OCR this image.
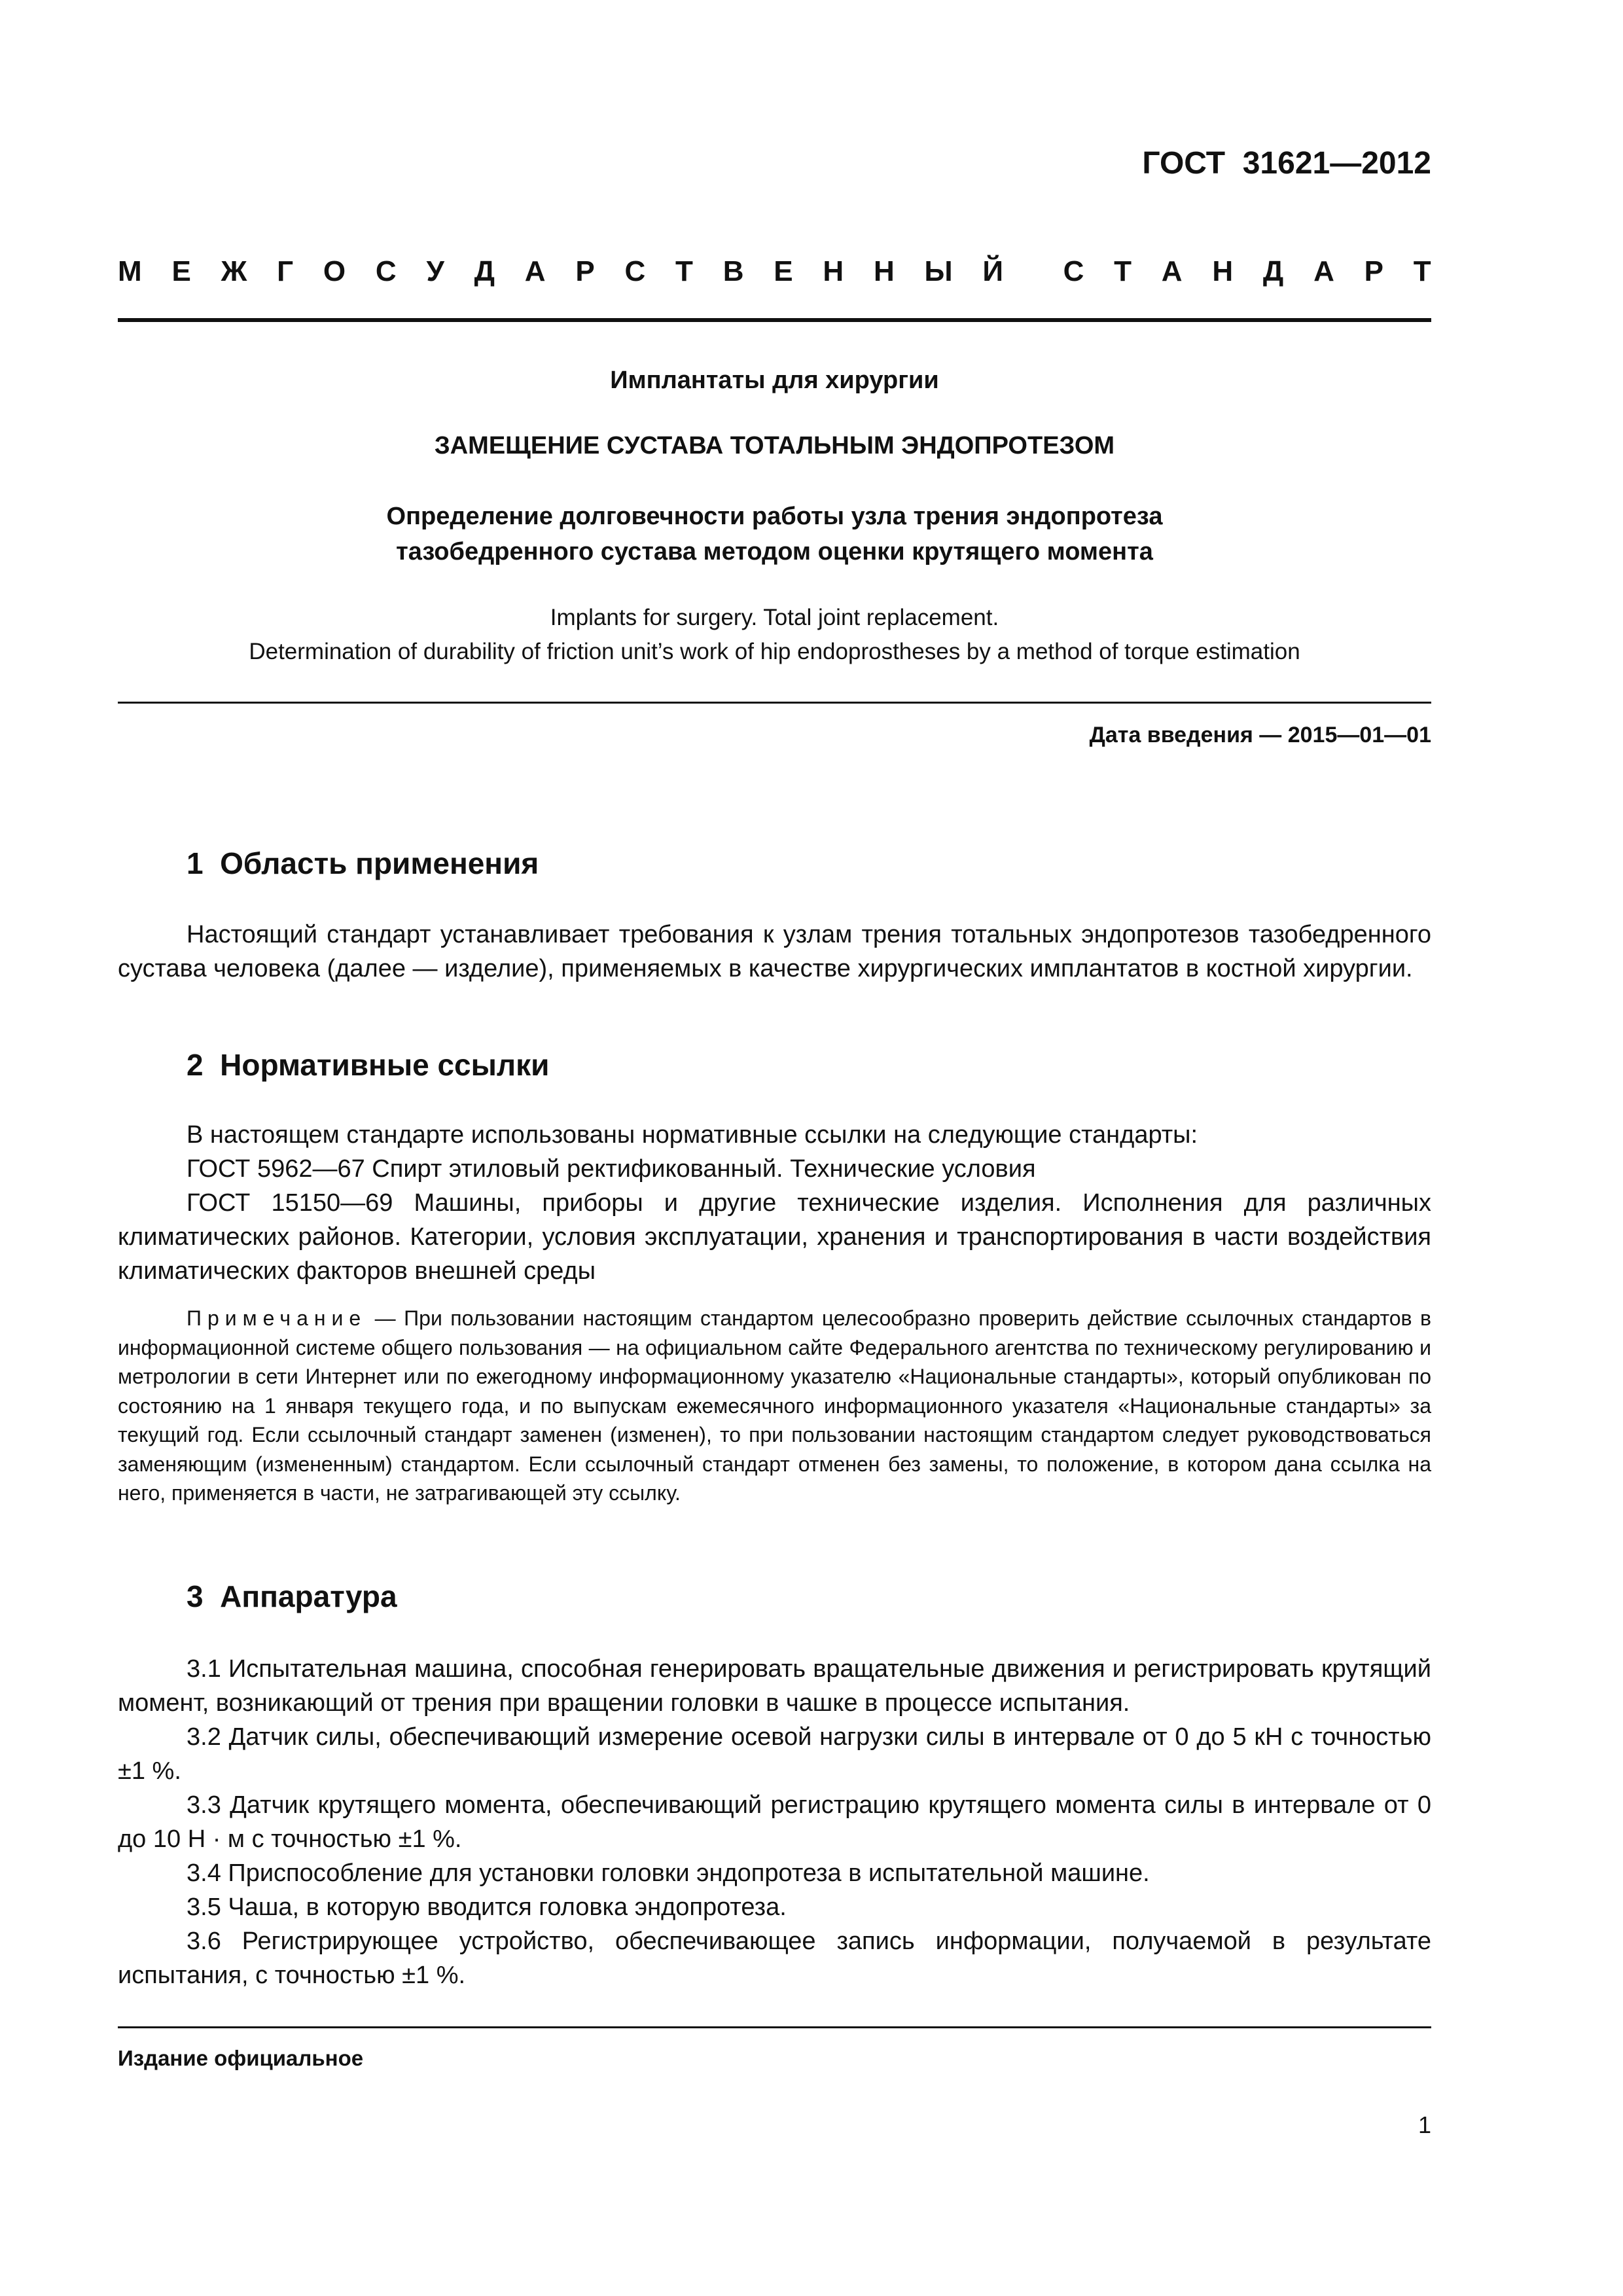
ГОСТ  31621—2012
М Е Ж Г О С У Д А Р С Т В Е Н Н Ы Й С Т А Н Д А Р Т
Имплантаты для хирургии
ЗАМЕЩЕНИЕ СУСТАВА ТОТАЛЬНЫМ ЭНДОПРОТЕЗОМ
Определение долговечности работы узла трения эндопротеза
тазобедренного сустава методом оценки крутящего момента
Implants for surgery. Total joint replacement.
Determination of durability of friction unit’s work of hip endoprostheses by a method of torque estimation
Дата введения — 2015—01—01
1  Область применения

Настоящий стандарт устанавливает требования к узлам трения тотальных эндопротезов тазобедренного сустава человека (далее — изделие), применяемых в качестве хирургических имплантатов в костной хирургии.

2  Нормативные ссылки

В настоящем стандарте использованы нормативные ссылки на следующие стандарты:

ГОСТ 5962—67 Спирт этиловый ректификованный. Технические условия

ГОСТ 15150—69 Машины, приборы и другие технические изделия. Исполнения для различных климатических районов. Категории, условия эксплуатации, хранения и транспортирования в части воздействия климатических факторов внешней среды

Примечание — При пользовании настоящим стандартом целесообразно проверить действие ссылочных стандартов в информационной системе общего пользования — на официальном сайте Федерального агентства по техническому регулированию и метрологии в сети Интернет или по ежегодному информационному указателю «Национальные стандарты», который опубликован по состоянию на 1 января текущего года, и по выпускам ежемесячного информационного указателя «Национальные стандарты» за текущий год. Если ссылочный стандарт заменен (изменен), то при пользовании настоящим стандартом следует руководствоваться заменяющим (измененным) стандартом. Если ссылочный стандарт отменен без замены, то положение, в котором дана ссылка на него, применяется в части, не затрагивающей эту ссылку.
3  Аппаратура

3.1 Испытательная машина, способная генерировать вращательные движения и регистрировать крутящий момент, возникающий от трения при вращении головки в чашке в процессе испытания.

3.2 Датчик силы, обеспечивающий измерение осевой нагрузки силы в интервале от 0 до 5 кН с точностью ±1 %.

3.3 Датчик крутящего момента, обеспечивающий регистрацию крутящего момента силы в интервале от 0 до 10 Н · м с точностью ±1 %.

3.4 Приспособление для установки головки эндопротеза в испытательной машине.

3.5 Чаша, в которую вводится головка эндопротеза.

3.6 Регистрирующее устройство, обеспечивающее запись информации, получаемой в результате испытания, с точностью ±1 %.

Издание официальное
1
